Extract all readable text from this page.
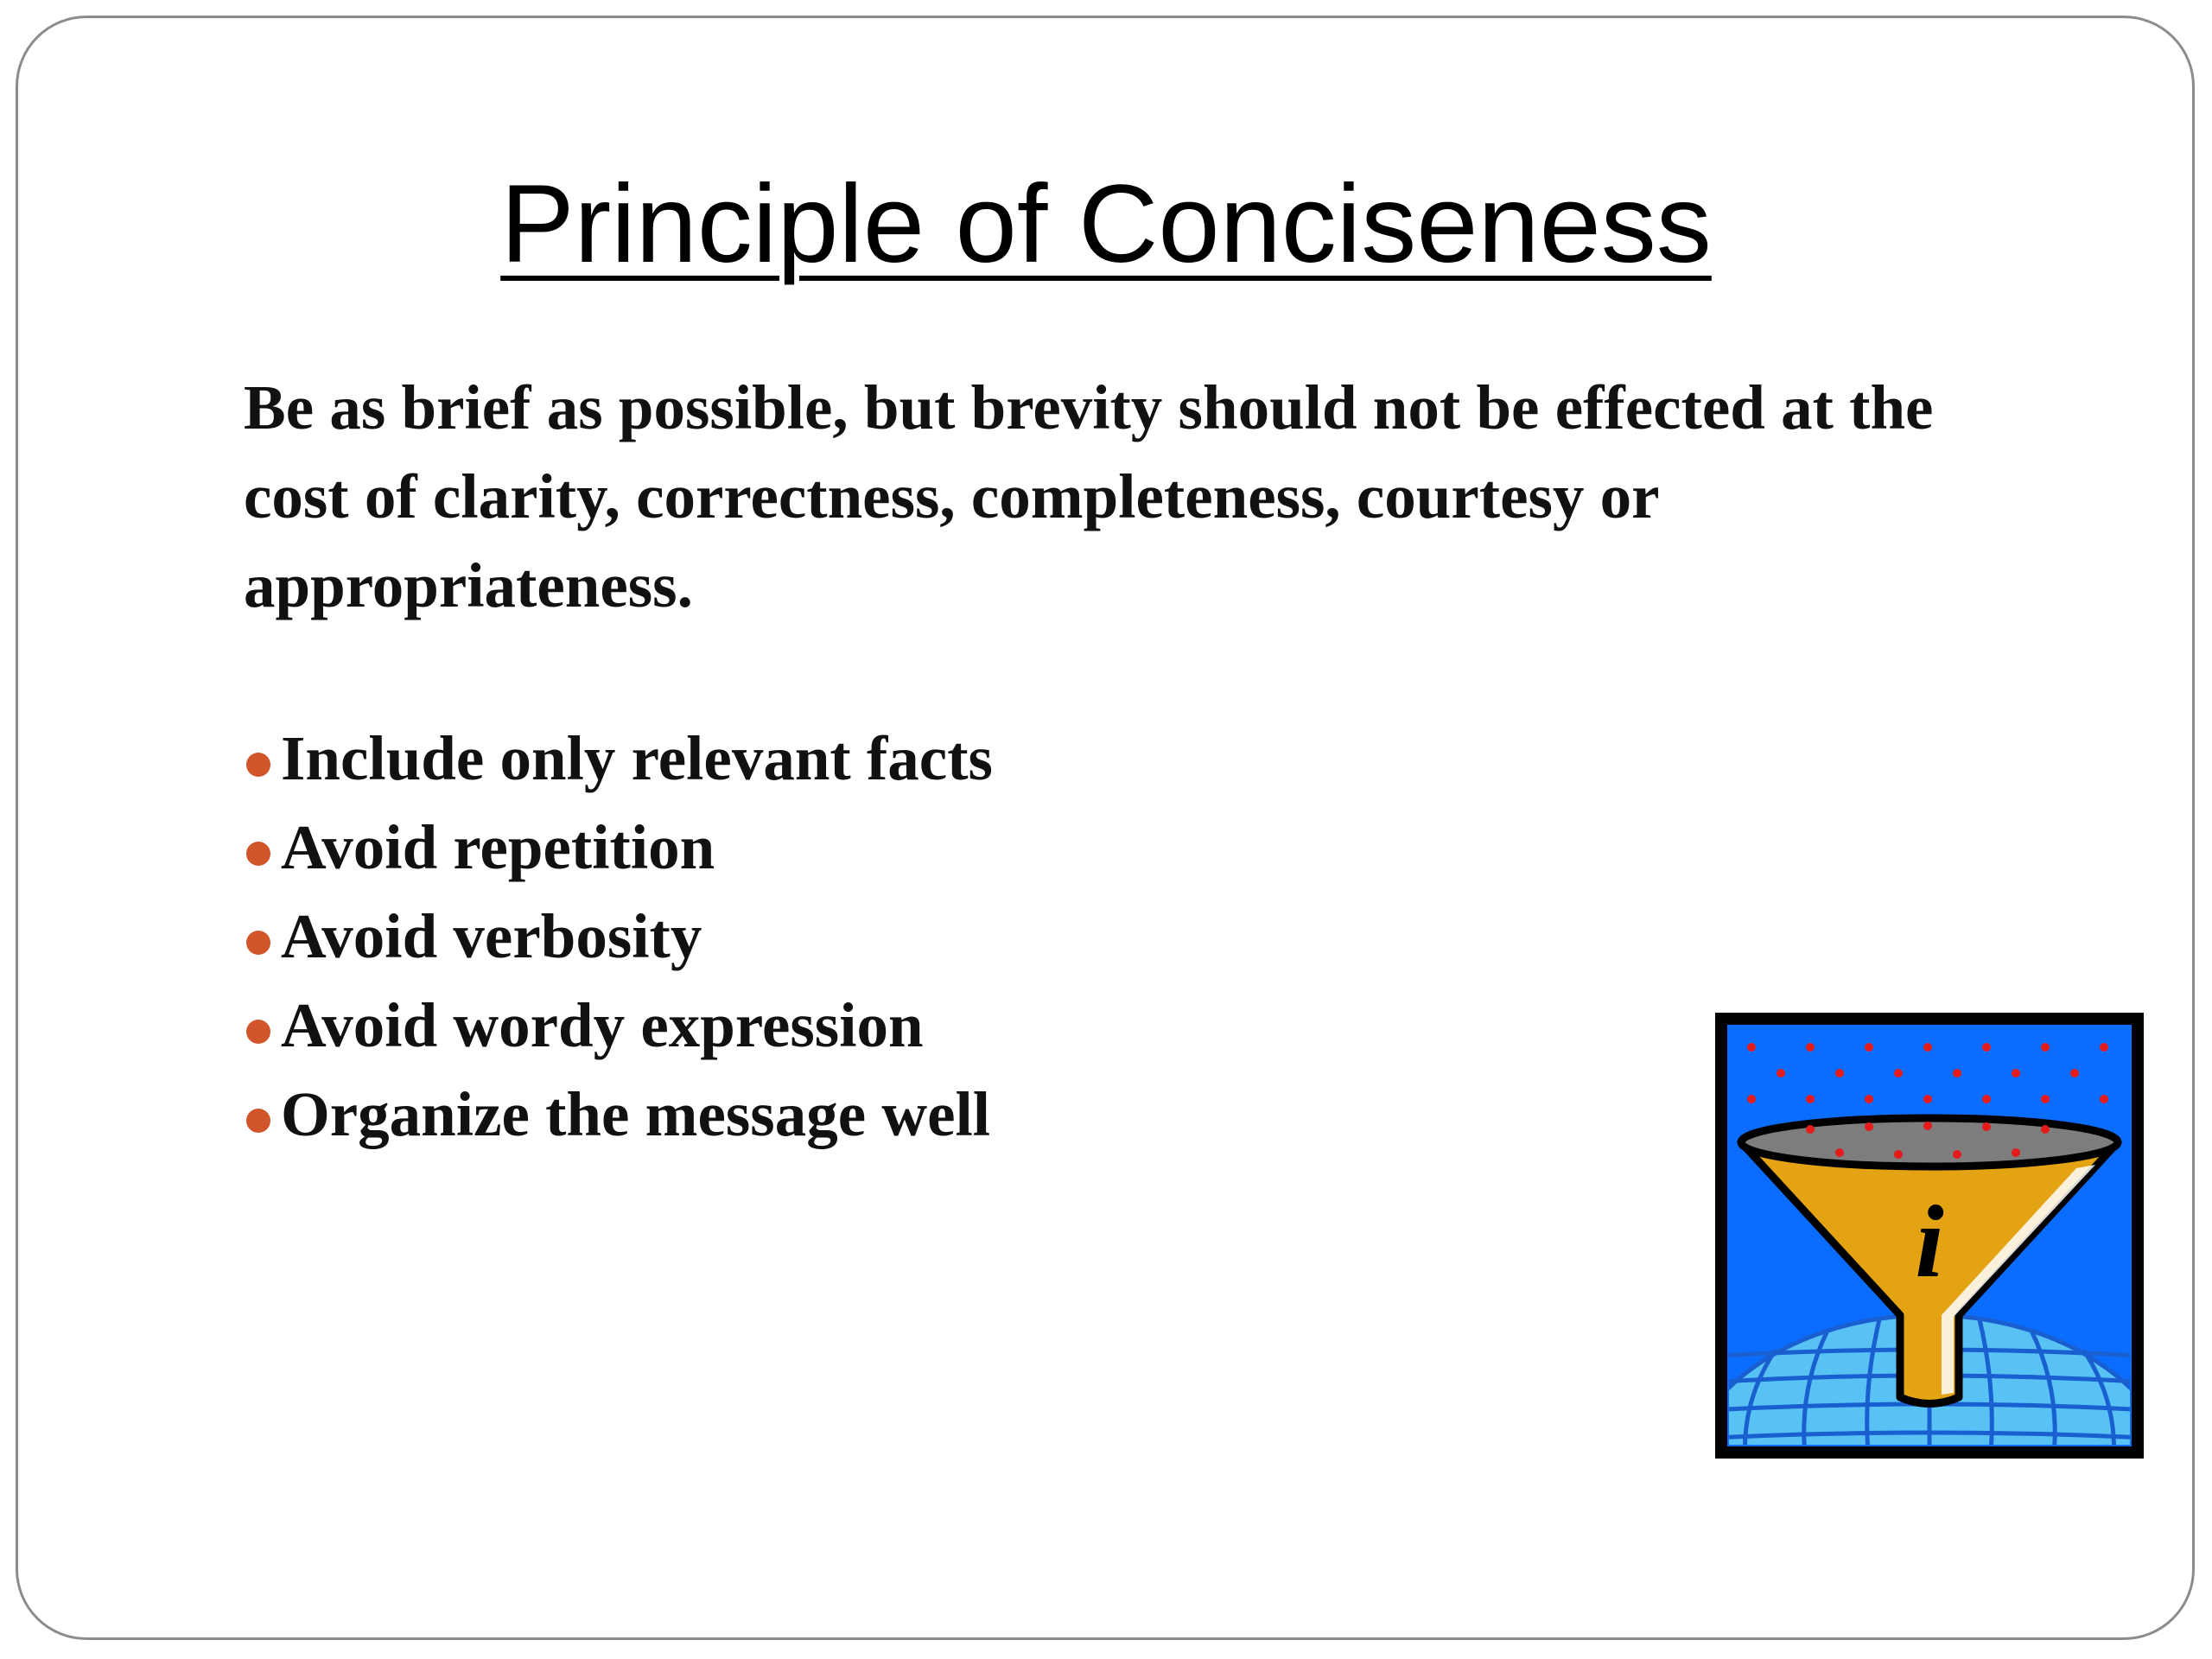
Principle of Conciseness

Be as brief as possible, but brevity should not be effected at the cost of clarity, correctness, completeness, courtesy or appropriateness.

Include only relevant facts
Avoid repetition
Avoid verbosity
Avoid wordy expression
Organize the message well
i
